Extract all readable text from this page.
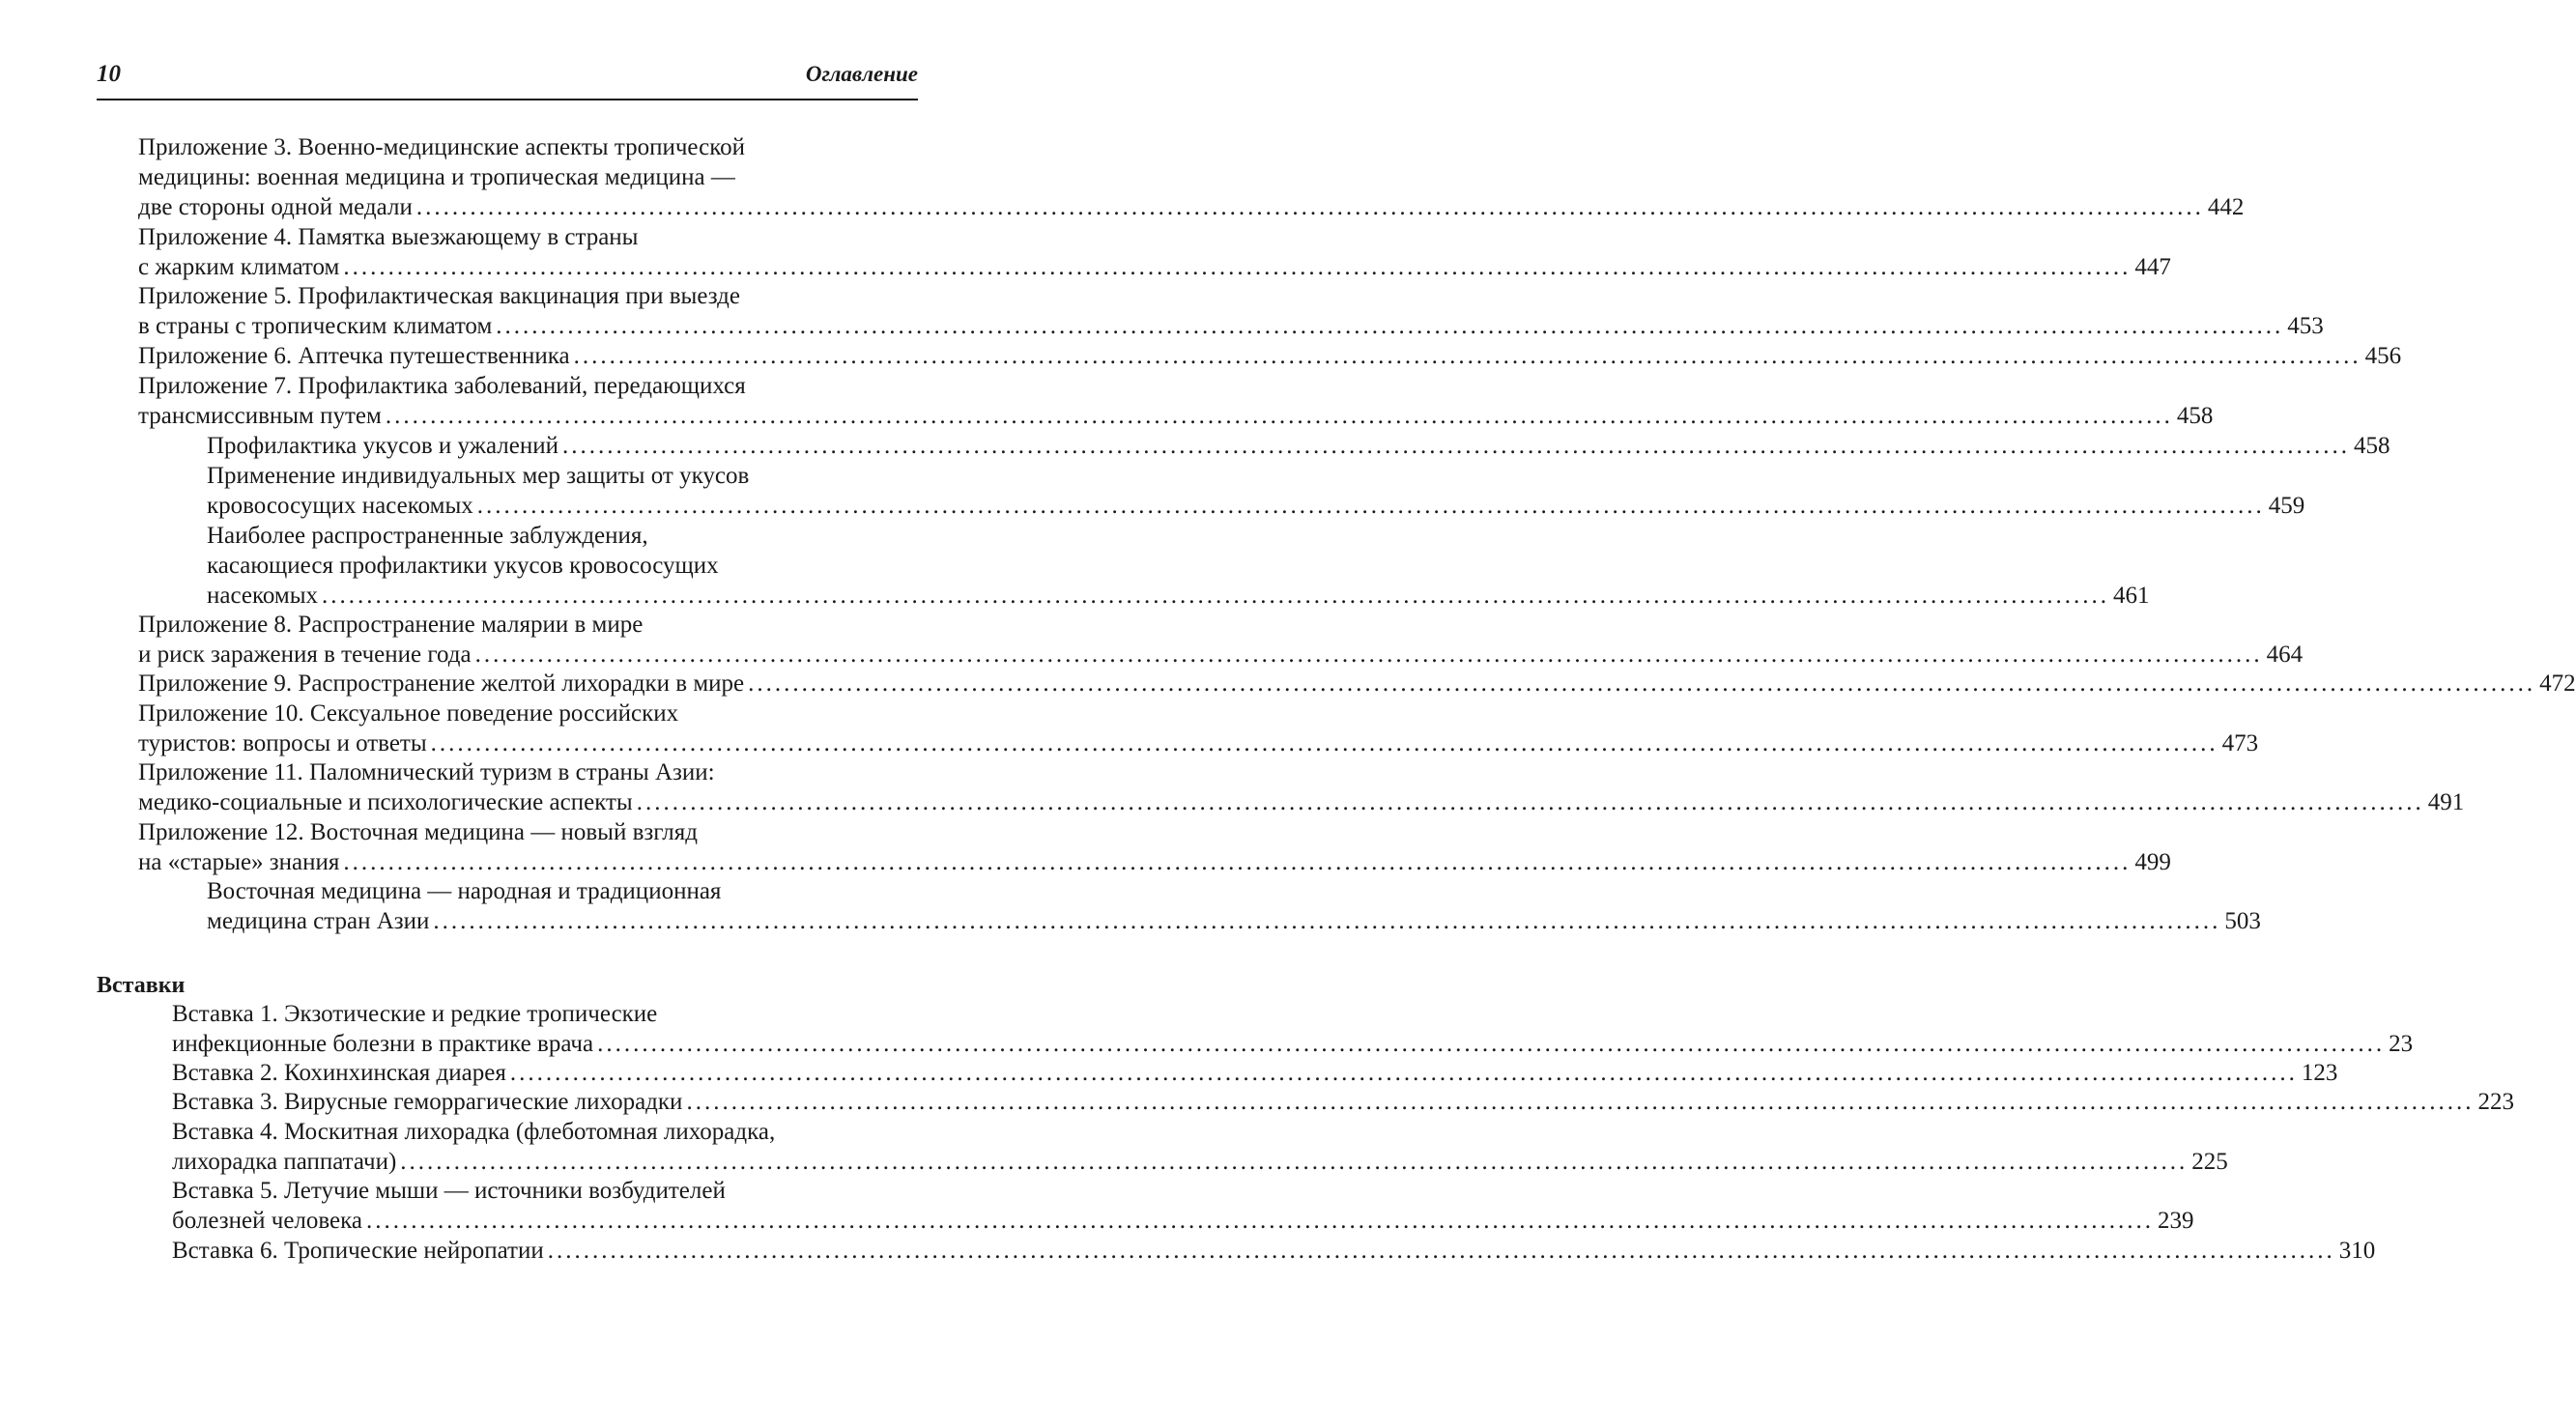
10	Оглавление
Приложение 3. Военно-медицинские аспекты тропической
медицины: военная медицина и тропическая медицина —
две стороны одной медали ........................................................................................................................................................................................................ 442
Приложение 4. Памятка выезжающему в страны
с жарким климатом ........................................................................................................................................................................................................ 447
Приложение 5. Профилактическая вакцинация при выезде
в страны с тропическим климатом ........................................................................................................................................................................................................ 453
Приложение 6. Аптечка путешественника ........................................................................................................................................................................................................ 456
Приложение 7. Профилактика заболеваний, передающихся
трансмиссивным путем ........................................................................................................................................................................................................ 458
Профилактика укусов и ужалений ........................................................................................................................................................................................................ 458
Применение индивидуальных мер защиты от укусов
кровососущих насекомых ........................................................................................................................................................................................................ 459
Наиболее распространенные заблуждения,
касающиеся профилактики укусов кровососущих
насекомых ........................................................................................................................................................................................................ 461
Приложение 8. Распространение малярии в мире
и риск заражения в течение года ........................................................................................................................................................................................................ 464
Приложение 9. Распространение желтой лихорадки в мире ........................................................................................................................................................................................................ 472
Приложение 10. Сексуальное поведение российских
туристов: вопросы и ответы ........................................................................................................................................................................................................ 473
Приложение 11. Паломнический туризм в страны Азии:
медико-социальные и психологические аспекты ........................................................................................................................................................................................................ 491
Приложение 12. Восточная медицина — новый взгляд
на «старые» знания ........................................................................................................................................................................................................ 499
Восточная медицина — народная и традиционная
медицина стран Азии ........................................................................................................................................................................................................ 503
Вставка 1. Экзотические и редкие тропические
инфекционные болезни в практике врача ........................................................................................................................................................................................................ 23
Вставка 2. Кохинхинская диарея ........................................................................................................................................................................................................ 123
Вставка 3. Вирусные геморрагические лихорадки ........................................................................................................................................................................................................ 223
Вставка 4. Москитная лихорадка (флеботомная лихорадка,
лихорадка паппатачи) ........................................................................................................................................................................................................ 225
Вставка 5. Летучие мыши — источники возбудителей
болезней человека ........................................................................................................................................................................................................ 239
Вставка 6. Тропические нейропатии ........................................................................................................................................................................................................ 310
Вставки
